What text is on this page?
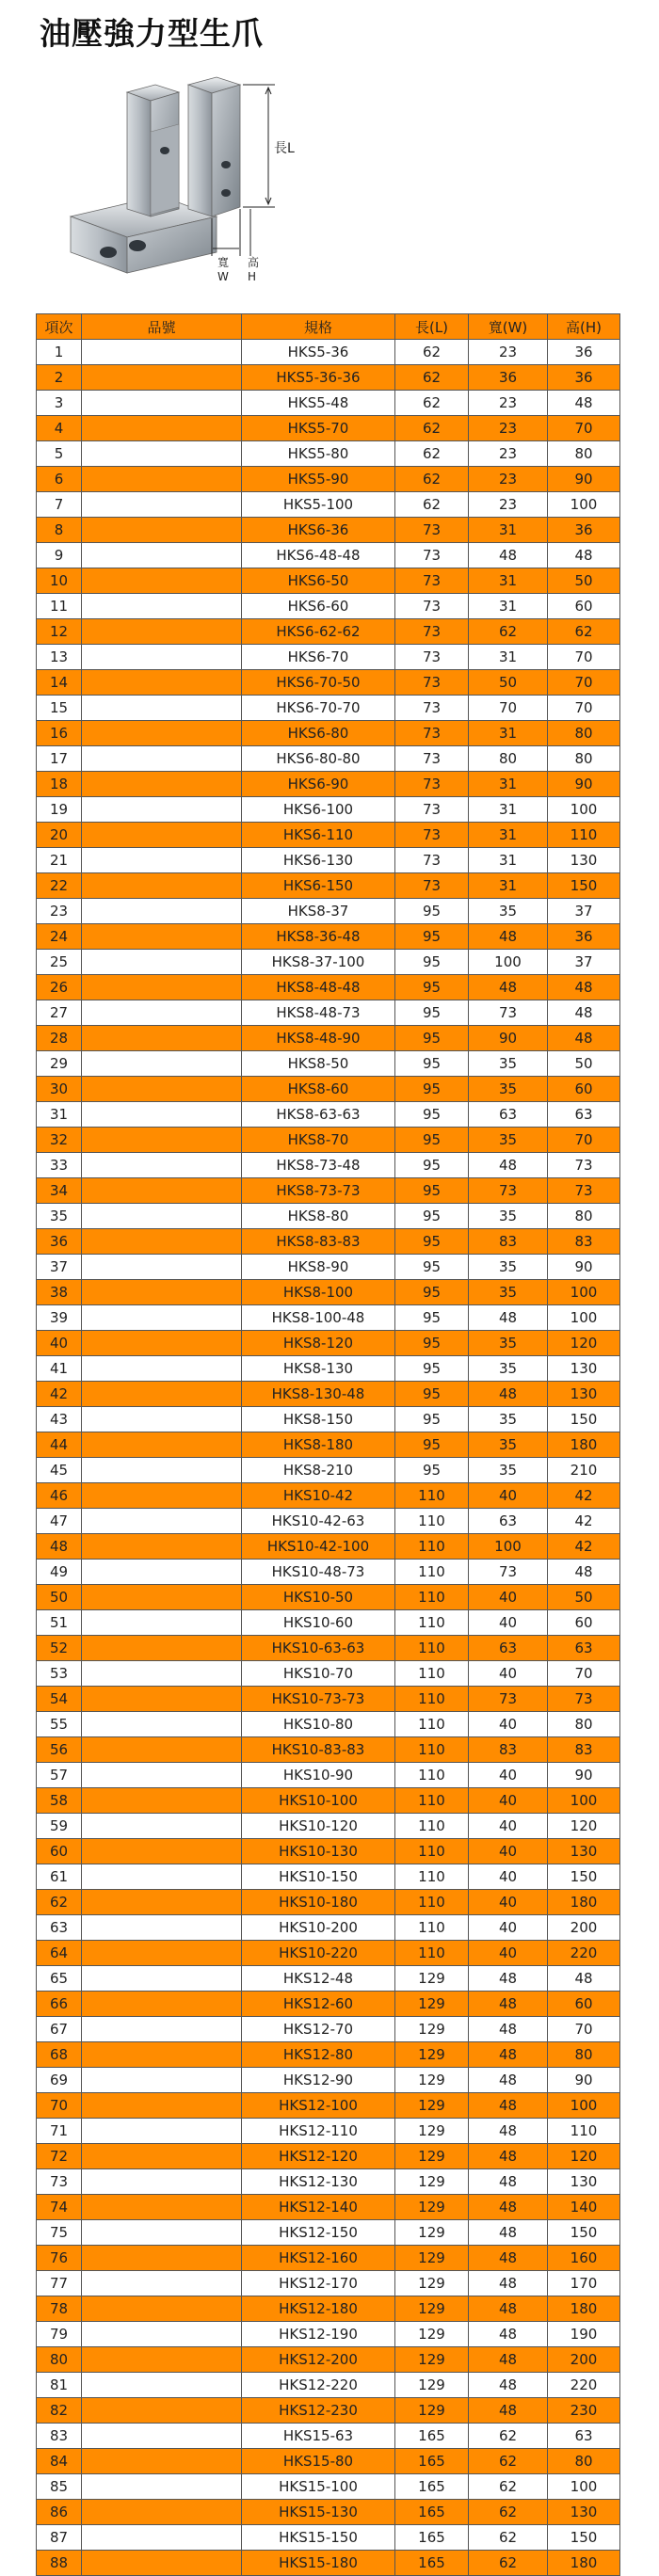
油壓強力型生爪
長L
寬
W
高
H
項次	品號	規格	長(L)	寬(W)	高(H)
1		HKS5-36	62	23	36
2		HKS5-36-36	62	36	36
3		HKS5-48	62	23	48
4		HKS5-70	62	23	70
5		HKS5-80	62	23	80
6		HKS5-90	62	23	90
7		HKS5-100	62	23	100
8		HKS6-36	73	31	36
9		HKS6-48-48	73	48	48
10		HKS6-50	73	31	50
11		HKS6-60	73	31	60
12		HKS6-62-62	73	62	62
13		HKS6-70	73	31	70
14		HKS6-70-50	73	50	70
15		HKS6-70-70	73	70	70
16		HKS6-80	73	31	80
17		HKS6-80-80	73	80	80
18		HKS6-90	73	31	90
19		HKS6-100	73	31	100
20		HKS6-110	73	31	110
21		HKS6-130	73	31	130
22		HKS6-150	73	31	150
23		HKS8-37	95	35	37
24		HKS8-36-48	95	48	36
25		HKS8-37-100	95	100	37
26		HKS8-48-48	95	48	48
27		HKS8-48-73	95	73	48
28		HKS8-48-90	95	90	48
29		HKS8-50	95	35	50
30		HKS8-60	95	35	60
31		HKS8-63-63	95	63	63
32		HKS8-70	95	35	70
33		HKS8-73-48	95	48	73
34		HKS8-73-73	95	73	73
35		HKS8-80	95	35	80
36		HKS8-83-83	95	83	83
37		HKS8-90	95	35	90
38		HKS8-100	95	35	100
39		HKS8-100-48	95	48	100
40		HKS8-120	95	35	120
41		HKS8-130	95	35	130
42		HKS8-130-48	95	48	130
43		HKS8-150	95	35	150
44		HKS8-180	95	35	180
45		HKS8-210	95	35	210
46		HKS10-42	110	40	42
47		HKS10-42-63	110	63	42
48		HKS10-42-100	110	100	42
49		HKS10-48-73	110	73	48
50		HKS10-50	110	40	50
51		HKS10-60	110	40	60
52		HKS10-63-63	110	63	63
53		HKS10-70	110	40	70
54		HKS10-73-73	110	73	73
55		HKS10-80	110	40	80
56		HKS10-83-83	110	83	83
57		HKS10-90	110	40	90
58		HKS10-100	110	40	100
59		HKS10-120	110	40	120
60		HKS10-130	110	40	130
61		HKS10-150	110	40	150
62		HKS10-180	110	40	180
63		HKS10-200	110	40	200
64		HKS10-220	110	40	220
65		HKS12-48	129	48	48
66		HKS12-60	129	48	60
67		HKS12-70	129	48	70
68		HKS12-80	129	48	80
69		HKS12-90	129	48	90
70		HKS12-100	129	48	100
71		HKS12-110	129	48	110
72		HKS12-120	129	48	120
73		HKS12-130	129	48	130
74		HKS12-140	129	48	140
75		HKS12-150	129	48	150
76		HKS12-160	129	48	160
77		HKS12-170	129	48	170
78		HKS12-180	129	48	180
79		HKS12-190	129	48	190
80		HKS12-200	129	48	200
81		HKS12-220	129	48	220
82		HKS12-230	129	48	230
83		HKS15-63	165	62	63
84		HKS15-80	165	62	80
85		HKS15-100	165	62	100
86		HKS15-130	165	62	130
87		HKS15-150	165	62	150
88		HKS15-180	165	62	180
